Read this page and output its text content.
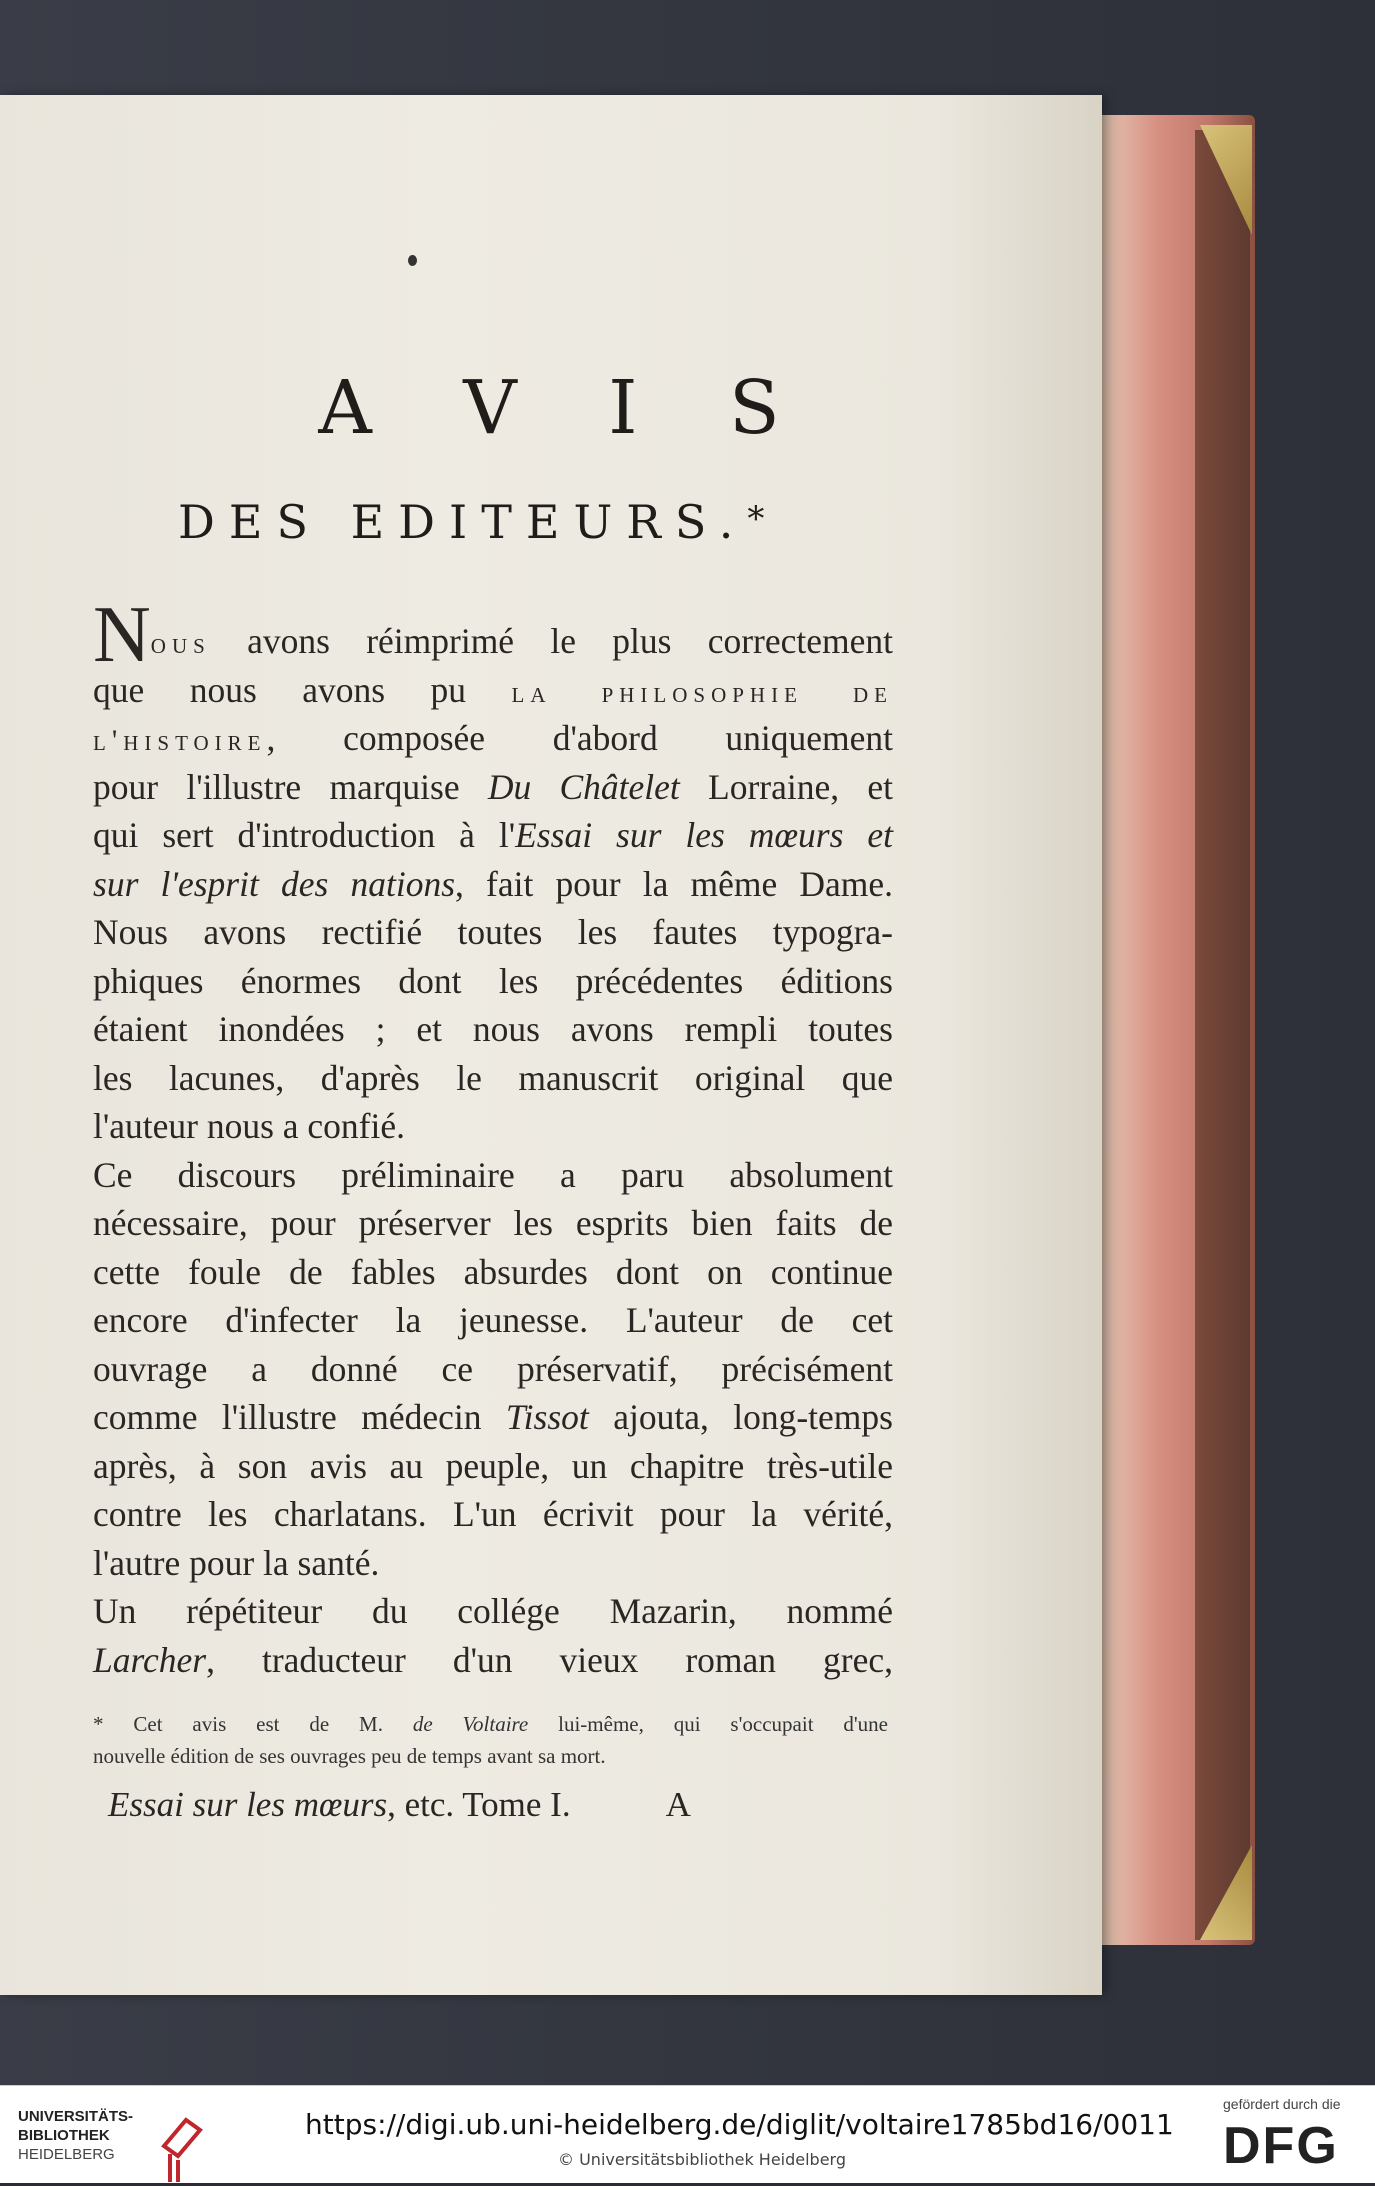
A V I S
DES EDITEURS.*
Nous avons réimprimé le plus correctement
que nous avons pu la philosophie de
l'histoire, composée d'abord uniquement
pour l'illustre marquise Du Châtelet Lorraine, et
qui sert d'introduction à l'Essai sur les mœurs et
sur l'esprit des nations, fait pour la même Dame.
Nous avons rectifié toutes les fautes typogra-
phiques énormes dont les précédentes éditions
étaient inondées ; et nous avons rempli toutes
les lacunes, d'après le manuscrit original que
l'auteur nous a confié.
Ce discours préliminaire a paru absolument
nécessaire, pour préserver les esprits bien faits de
cette foule de fables absurdes dont on continue
encore d'infecter la jeunesse. L'auteur de cet
ouvrage a donné ce préservatif, précisément
comme l'illustre médecin Tissot ajouta, long-temps
après, à son avis au peuple, un chapitre très-utile
contre les charlatans. L'un écrivit pour la vérité,
l'autre pour la santé.
Un répétiteur du collége Mazarin, nommé
Larcher, traducteur d'un vieux roman grec,
* Cet avis est de M. de Voltaire lui-même, qui s'occupait d'une
nouvelle édition de ses ouvrages peu de temps avant sa mort.
Essai sur les mœurs, etc. Tome I.	A
UNIVERSITÄTS-
BIBLIOTHEK
HEIDELBERG
https://digi.ub.uni-heidelberg.de/diglit/voltaire1785bd16/0011
© Universitätsbibliothek Heidelberg
gefördert durch die
DFG
